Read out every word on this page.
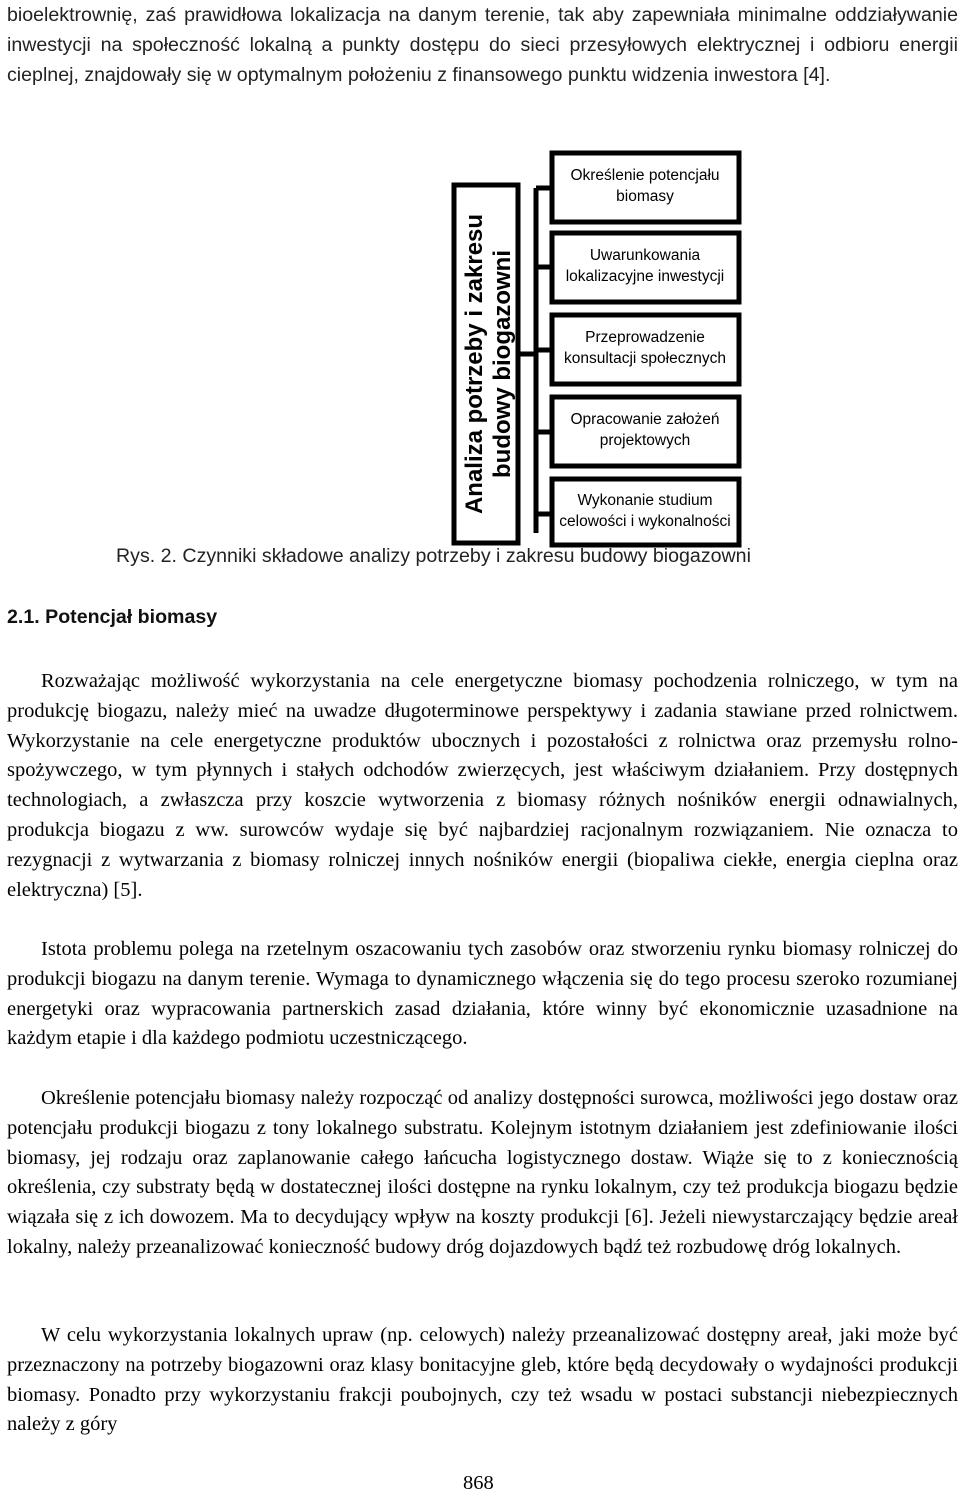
bioelektrownię, zaś prawidłowa lokalizacja na danym terenie, tak aby zapewniała minimalne oddziaływanie inwestycji na społeczność lokalną a punkty dostępu do sieci przesyłowych elektrycznej i odbioru energii cieplnej, znajdowały się w optymalnym położeniu z finansowego punktu widzenia inwestora [4].

Analiza potrzeby i zakresu budowy biogazowni
Określenie potencjału
biomasy
Uwarunkowania
lokalizacyjne inwestycji
Przeprowadzenie
konsultacji społecznych
Opracowanie założeń
projektowych
Wykonanie studium
celowości i wykonalności
Rys. 2. Czynniki składowe analizy potrzeby i zakresu budowy biogazowni
2.1. Potencjał biomasy

Rozważając możliwość wykorzystania na cele energetyczne biomasy pochodzenia rolniczego, w tym na produkcję biogazu, należy mieć na uwadze długoterminowe perspektywy i zadania stawiane przed rolnictwem. Wykorzystanie na cele energetyczne produktów ubocznych i pozostałości z rolnictwa oraz przemysłu rolno-spożywczego, w tym płynnych i stałych odchodów zwierzęcych, jest właściwym działaniem. Przy dostępnych technologiach, a zwłaszcza przy koszcie wytworzenia z biomasy różnych nośników energii odnawialnych, produkcja biogazu z ww. surowców wydaje się być najbardziej racjonalnym rozwiązaniem. Nie oznacza to rezygnacji z wytwarzania z biomasy rolniczej innych nośników energii (biopaliwa ciekłe, energia cieplna oraz elektryczna) [5].

Istota problemu polega na rzetelnym oszacowaniu tych zasobów oraz stworzeniu rynku biomasy rolniczej do produkcji biogazu na danym terenie. Wymaga to dynamicznego włączenia się do tego procesu szeroko rozumianej energetyki oraz wypracowania partnerskich zasad działania, które winny być ekonomicznie uzasadnione na każdym etapie i dla każdego podmiotu uczestniczącego.

Określenie potencjału biomasy należy rozpocząć od analizy dostępności surowca, możliwości jego dostaw oraz potencjału produkcji biogazu z tony lokalnego substratu. Kolejnym istotnym działaniem jest zdefiniowanie ilości biomasy, jej rodzaju oraz zaplanowanie całego łańcucha logistycznego dostaw. Wiąże się to z koniecznością określenia, czy substraty będą w dostatecznej ilości dostępne na rynku lokalnym, czy też produkcja biogazu będzie wiązała się z ich dowozem. Ma to decydujący wpływ na koszty produkcji [6]. Jeżeli niewystarczający będzie areał lokalny, należy przeanalizować konieczność budowy dróg dojazdowych bądź też rozbudowę dróg lokalnych.

W celu wykorzystania lokalnych upraw (np. celowych) należy przeanalizować dostępny areał, jaki może być przeznaczony na potrzeby biogazowni oraz klasy bonitacyjne gleb, które będą decydowały o wydajności produkcji biomasy. Ponadto przy wykorzystaniu frakcji poubojnych, czy też wsadu w postaci substancji niebezpiecznych należy z góry

868
